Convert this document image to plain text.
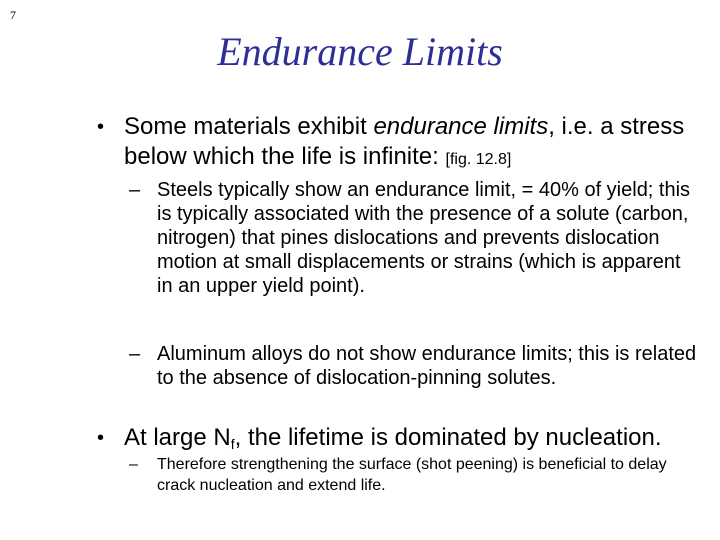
7
Endurance Limits
• Some materials exhibit endurance limits, i.e. a stress below which the life is infinite: [fig. 12.8]
– Steels typically show an endurance limit, = 40% of yield; this is typically associated with the presence of a solute (carbon, nitrogen) that pines dislocations and prevents dislocation motion at small displacements or strains (which is apparent in an upper yield point).
– Aluminum alloys do not show endurance limits; this is related to the absence of dislocation-pinning solutes.
• At large $N_f$, the lifetime is dominated by nucleation.
– Therefore strengthening the surface (shot peening) is beneficial to delay crack nucleation and extend life.
